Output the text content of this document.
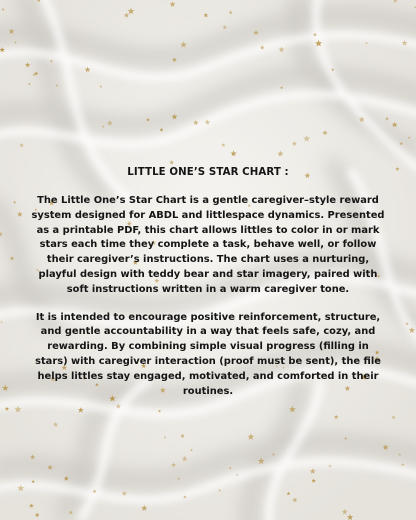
LITTLE ONE’S STAR CHART :
The Little One’s Star Chart is a gentle caregiver–style reward system designed for ABDL and littlespace dynamics. Presented as a printable PDF, this chart allows littles to color in or mark stars each time they complete a task, behave well, or follow their caregiver’s instructions. The chart uses a nurturing, playful design with teddy bear and star imagery, paired with soft instructions written in a warm caregiver tone.
It is intended to encourage positive reinforcement, structure, and gentle accountability in a way that feels safe, cozy, and rewarding. By combining simple visual progress (filling in stars) with caregiver interaction (proof must be sent), the file helps littles stay engaged, motivated, and comforted in their routines.
